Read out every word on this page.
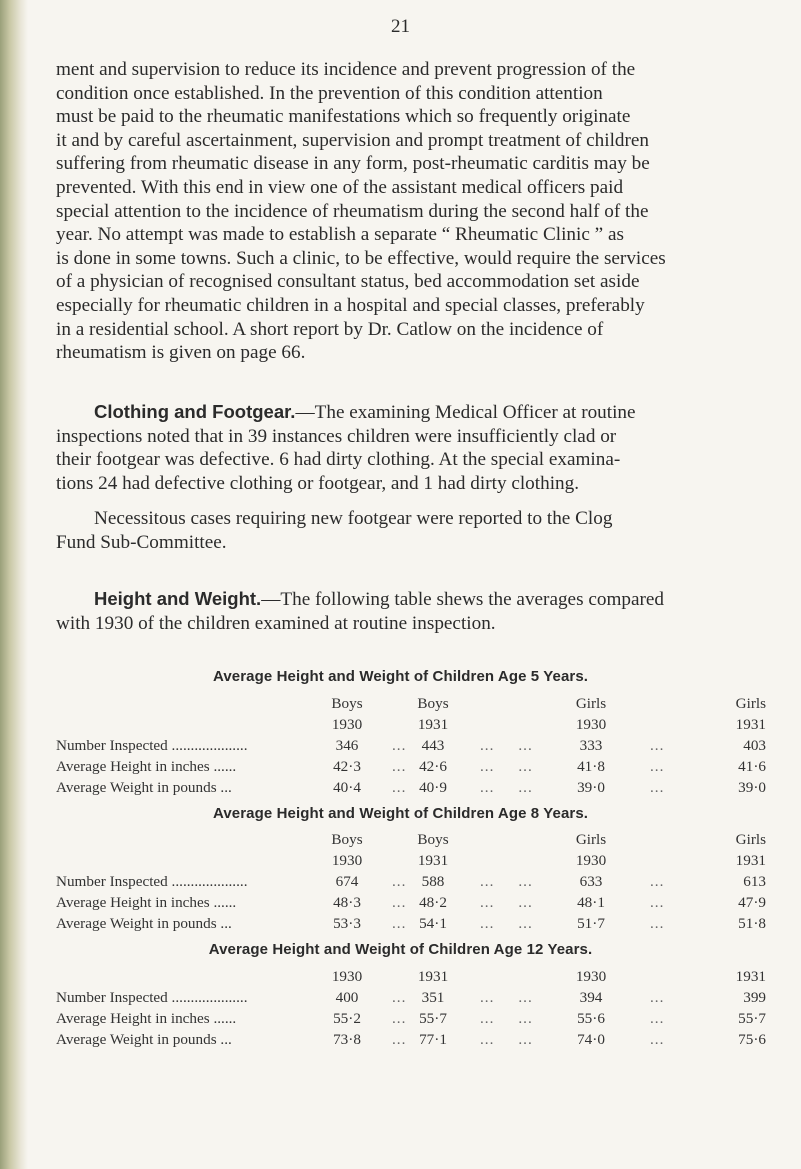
21

ment and supervision to reduce its incidence and prevent progression of the

condition once established. In the prevention of this condition attention

must be paid to the rheumatic manifestations which so frequently originate

it and by careful ascertainment, supervision and prompt treatment of children

suffering from rheumatic disease in any form, post-rheumatic carditis may be

prevented. With this end in view one of the assistant medical officers paid

special attention to the incidence of rheumatism during the second half of the

year. No attempt was made to establish a separate “ Rheumatic Clinic ” as

is done in some towns. Such a clinic, to be effective, would require the services

of a physician of recognised consultant status, bed accommodation set aside

especially for rheumatic children in a hospital and special classes, preferably

in a residential school. A short report by Dr. Catlow on the incidence of

rheumatism is given on page 66.

Clothing and Footgear.—The examining Medical Officer at routine

inspections noted that in 39 instances children were insufficiently clad or

their footgear was defective. 6 had dirty clothing. At the special examina-

tions 24 had defective clothing or footgear, and 1 had dirty clothing.

Necessitous cases requiring new footgear were reported to the Clog

Fund Sub-Committee.

Height and Weight.—The following table shews the averages compared

with 1930 of the children examined at routine inspection.

Average Height and Weight of Children Age 5 Years.
Boys	Boys	Girls	Girls
1930	1931	1930	1931
Number Inspected ....................	346	...	443	...     ...	333	...	403
Average Height in inches ......	42·3	... 42·6	...     ...	41·8	...	41·6
Average Weight in pounds ...	40·4	... 40·9	...     ...	39·0	...	39·0
Average Height and Weight of Children Age 8 Years.
Boys	Boys	Girls	Girls
1930	1931	1930	1931
Number Inspected ....................	674	...	588	...     ...	633	...	613
Average Height in inches ......	48·3	... 48·2	...     ...	48·1	...	47·9
Average Weight in pounds ...	53·3	... 54·1	...     ...	51·7	...	51·8
Average Height and Weight of Children Age 12 Years.
1930	1931	1930	1931
Number Inspected ....................	400	...	351	...     ...	394	...	399
Average Height in inches ......	55·2	... 55·7	...     ...	55·6	...	55·7
Average Weight in pounds ...	73·8	... 77·1	...     ...	74·0	...	75·6
